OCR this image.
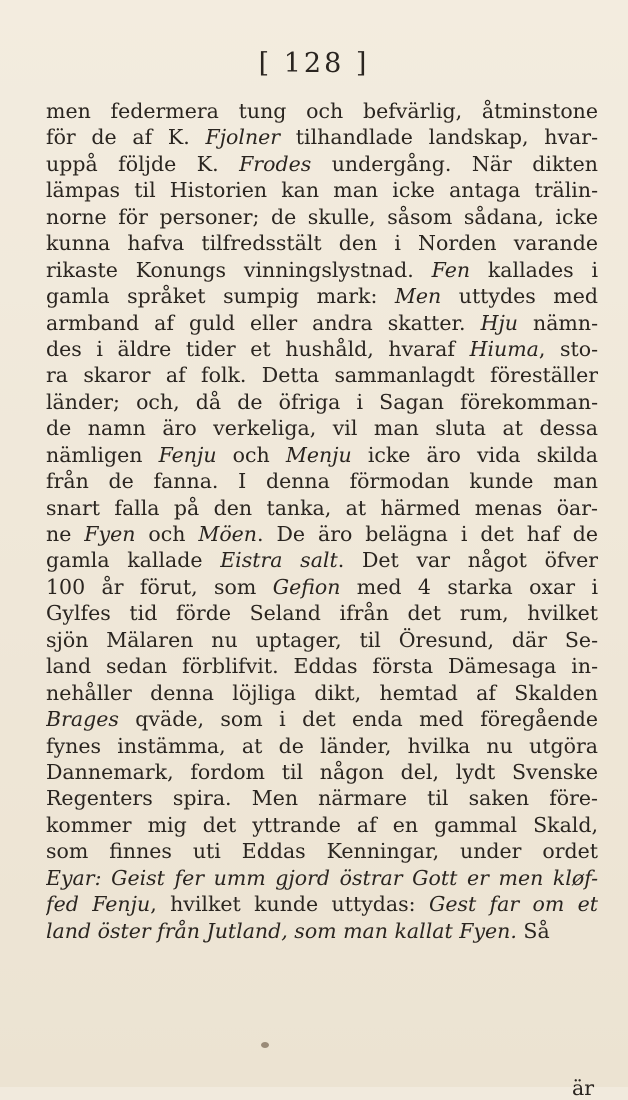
[ 128 ]
men federmera tung och befvärlig, åtminstone
för de af K. Fjolner tilhandlade landskap, hvar-
uppå följde K. Frodes undergång. När dikten
lämpas til Historien kan man icke antaga trälin-
norne för personer; de skulle, såsom sådana, icke
kunna hafva tilfredsstält den i Norden varande
rikaste Konungs vinningslystnad. Fen kallades i
gamla språket sumpig mark: Men uttydes med
armband af guld eller andra skatter. Hju nämn-
des i äldre tider et hushåld, hvaraf Hiuma, sto-
ra skaror af folk. Detta sammanlagdt föreställer
länder; och, då de öfriga i Sagan förekomman-
de namn äro verkeliga, vil man sluta at dessa
nämligen Fenju och Menju icke äro vida skilda
från de fanna. I denna förmodan kunde man
snart falla på den tanka, at härmed menas öar-
ne Fyen och Möen. De äro belägna i det haf de
gamla kallade Eistra salt. Det var något öfver
100 år förut, som Gefion med 4 starka oxar i
Gylfes tid förde Seland ifrån det rum, hvilket
sjön Mälaren nu uptager, til Öresund, där Se-
land sedan förblifvit. Eddas första Dämesaga in-
nehåller denna löjliga dikt, hemtad af Skalden
Brages qväde, som i det enda med föregående
fynes instämma, at de länder, hvilka nu utgöra
Dannemark, fordom til någon del, lydt Svenske
Regenters spira. Men närmare til saken före-
kommer mig det yttrande af en gammal Skald,
som finnes uti Eddas Kenningar, under ordet
Eyar: Geist fer umm gjord östrar Gott er men kløf-
fed Fenju, hvilket kunde uttydas: Gest far om et
land öster från Jutland, som man kallat Fyen. Så
är
